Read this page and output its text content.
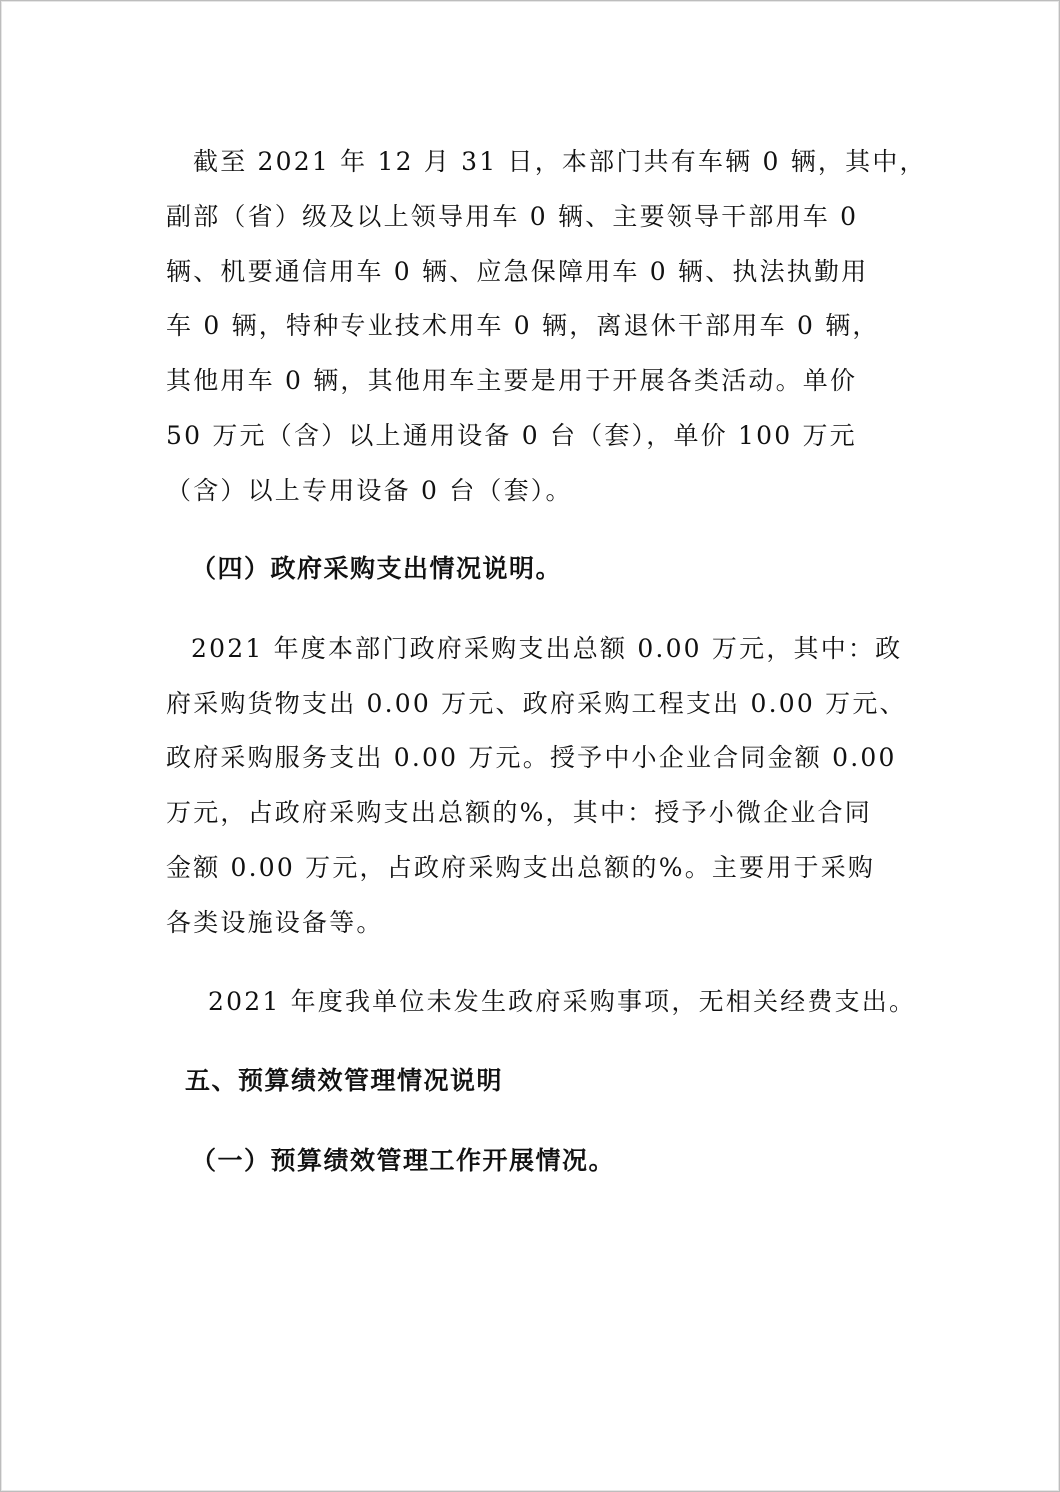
截至 2021 年 12 月 31 日，本部门共有车辆 0 辆，其中，
副部（省）级及以上领导用车 0 辆、主要领导干部用车 0
辆、机要通信用车 0 辆、应急保障用车 0 辆、执法执勤用
车 0 辆，特种专业技术用车 0 辆，离退休干部用车 0 辆，
其他用车 0 辆，其他用车主要是用于开展各类活动。单价
50 万元（含）以上通用设备 0 台（套），单价 100 万元
（含）以上专用设备 0 台（套）。
（四）政府采购支出情况说明。
2021 年度本部门政府采购支出总额 0.00 万元，其中：政
府采购货物支出 0.00 万元、政府采购工程支出 0.00 万元、
政府采购服务支出 0.00 万元。授予中小企业合同金额 0.00
万元，占政府采购支出总额的%，其中：授予小微企业合同
金额 0.00 万元，占政府采购支出总额的%。主要用于采购
各类设施设备等。
2021 年度我单位未发生政府采购事项，无相关经费支出。
五、预算绩效管理情况说明
（一）预算绩效管理工作开展情况。
